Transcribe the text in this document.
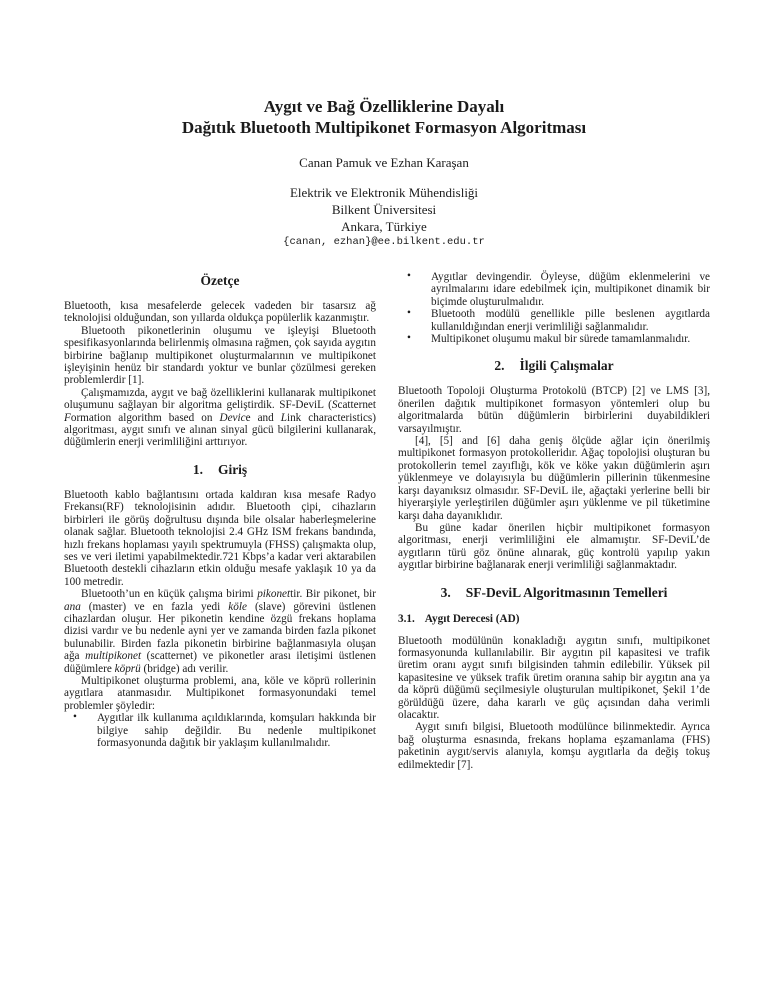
Aygıt ve Bağ Özelliklerine Dayalı
Dağıtık Bluetooth Multipikonet Formasyon Algoritması
Canan Pamuk ve Ezhan Karaşan
Elektrik ve Elektronik Mühendisliği
Bilkent Üniversitesi
Ankara, Türkiye
{canan, ezhan}@ee.bilkent.edu.tr
Özetçe

Bluetooth, kısa mesafelerde gelecek vadeden bir tasarsız ağ teknolojisi olduğundan, son yıllarda oldukça popülerlik kazanmıştır.

Bluetooth pikonetlerinin oluşumu ve işleyişi Bluetooth spesifikasyonlarında belirlenmiş olmasına rağmen, çok sayıda aygıtın birbirine bağlanıp multipikonet oluşturmalarının ve multipikonet işleyişinin henüz bir standardı yoktur ve bunlar çözülmesi gereken problemlerdir [1].

Çalışmamızda, aygıt ve bağ özelliklerini kullanarak multipikonet oluşumunu sağlayan bir algoritma geliştirdik. SF-DeviL (Scatternet Formation algorithm based on Device and Link characteristics) algoritması, aygıt sınıfı ve alınan sinyal gücü bilgilerini kullanarak, düğümlerin enerji verimliliğini arttırıyor.

1. Giriş

Bluetooth kablo bağlantısını ortada kaldıran kısa mesafe Radyo Frekansı(RF) teknolojisinin adıdır. Bluetooth çipi, cihazların birbirleri ile görüş doğrultusu dışında bile olsalar haberleşmelerine olanak sağlar. Bluetooth teknolojisi 2.4 GHz ISM frekans bandında, hızlı frekans hoplaması yayılı spektrumuyla (FHSS) çalışmakta olup, ses ve veri iletimi yapabilmektedir.721 Kbps’a kadar veri aktarabilen Bluetooth destekli cihazların etkin olduğu mesafe yaklaşık 10 ya da 100 metredir.

Bluetooth’un en küçük çalışma birimi pikonettir. Bir pikonet, bir ana (master) ve en fazla yedi köle (slave) görevini üstlenen cihazlardan oluşur. Her pikonetin kendine özgü frekans hoplama dizisi vardır ve bu nedenle ayni yer ve zamanda birden fazla pikonet bulunabilir. Birden fazla pikonetin birbirine bağlanmasıyla oluşan ağa multipikonet (scatternet) ve pikonetler arası iletişimi üstlenen düğümlere köprü (bridge) adı verilir.

Multipikonet oluşturma problemi, ana, köle ve köprü rollerinin aygıtlara atanmasıdır. Multipikonet formasyonundaki temel problemler şöyledir:

• Aygıtlar ilk kullanıma açıldıklarında, komşuları hakkında bir bilgiye sahip değildir. Bu nedenle multipikonet formasyonunda dağıtık bir yaklaşım kullanılmalıdır.
• Aygıtlar devingendir. Öyleyse, düğüm eklenmelerini ve ayrılmalarını idare edebilmek için, multipikonet dinamik bir biçimde oluşturulmalıdır.
• Bluetooth modülü genellikle pille beslenen aygıtlarda kullanıldığından enerji verimliliği sağlanmalıdır.
• Multipikonet oluşumu makul bir sürede tamamlanmalıdır.
2. İlgili Çalışmalar

Bluetooth Topoloji Oluşturma Protokolü (BTCP) [2] ve LMS [3], önerilen dağıtık multipikonet formasyon yöntemleri olup bu algoritmalarda bütün düğümlerin birbirlerini duyabildikleri varsayılmıştır.

[4], [5] and [6] daha geniş ölçüde ağlar için önerilmiş multipikonet formasyon protokolleridır. Ağaç topolojisi oluşturan bu protokollerin temel zayıflığı, kök ve köke yakın düğümlerin aşırı yüklenmeye ve dolayısıyla bu düğümlerin pillerinin tükenmesine karşı dayanıksız olmasıdır. SF-DeviL ile, ağaçtaki yerlerine belli bir hiyerarşiyle yerleştirilen düğümler aşırı yüklenme ve pil tüketimine karşı daha dayanıklıdır.

Bu güne kadar önerilen hiçbir multipikonet formasyon algoritması, enerji verimliliğini ele almamıştır. SF-DeviL’de aygıtların türü göz önüne alınarak, güç kontrolü yapılıp yakın aygıtlar birbirine bağlanarak enerji verimliliği sağlanmaktadır.

3. SF-DeviL Algoritmasının Temelleri
3.1. Aygıt Derecesi (AD)

Bluetooth modülünün konakladığı aygıtın sınıfı, multipikonet formasyonunda kullanılabilir. Bir aygıtın pil kapasitesi ve trafik üretim oranı aygıt sınıfı bilgisinden tahmin edilebilir. Yüksek pil kapasitesine ve yüksek trafik üretim oranına sahip bir aygıtın ana ya da köprü düğümü seçilmesiyle oluşturulan multipikonet, Şekil 1’de görüldüğü üzere, daha kararlı ve güç açısından daha verimli olacaktır.

Aygıt sınıfı bilgisi, Bluetooth modülünce bilinmektedir. Ayrıca bağ oluşturma esnasında, frekans hoplama eşzamanlama (FHS) paketinin aygıt/servis alanıyla, komşu aygıtlarla da değiş tokuş edilmektedir [7].
